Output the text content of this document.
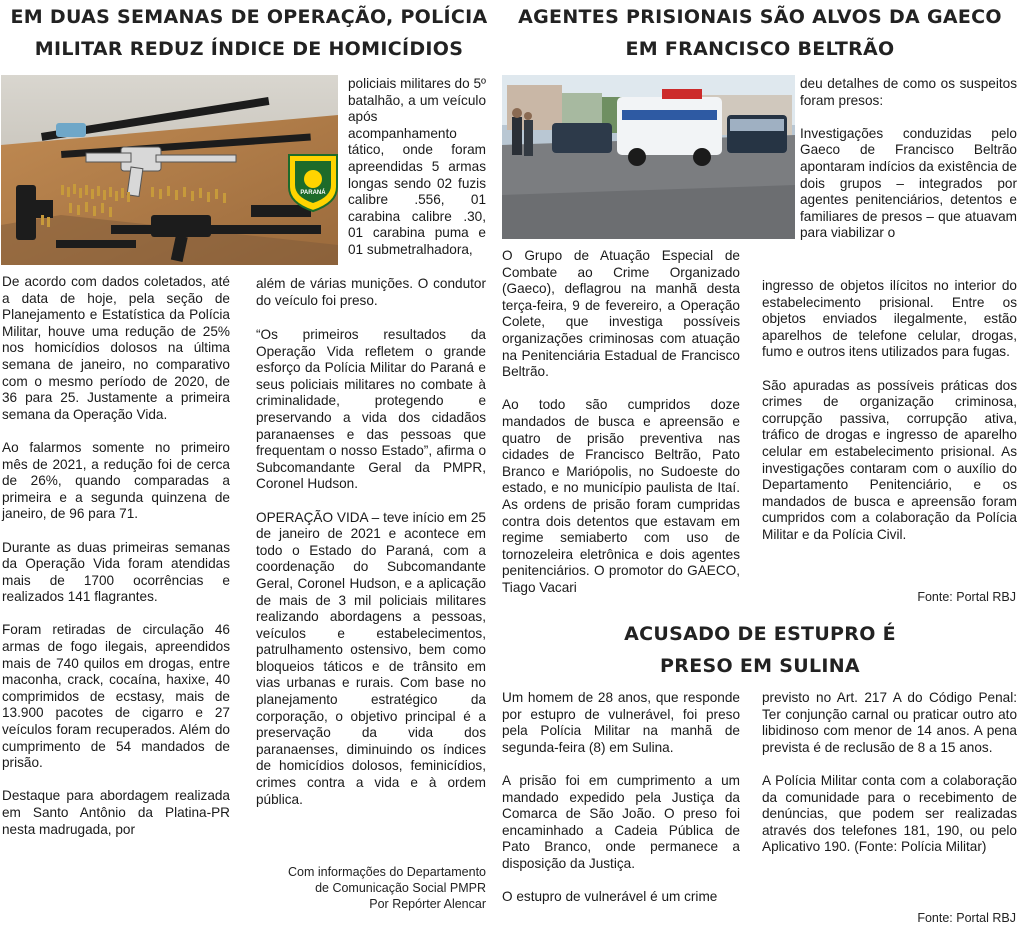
EM DUAS SEMANAS DE OPERAÇÃO, POLÍCIA
MILITAR REDUZ ÍNDICE DE HOMICÍDIOS
PARANÁ

policiais militares do 5º batalhão, a um veículo após acompanhamento tático, onde foram apreendidas 5 armas longas sendo 02 fuzis calibre .556, 01 carabina calibre .30, 01 carabina puma e 01 submetralhadora,

além de várias munições. O condutor do veículo foi preso.

De acordo com dados coletados, até a data de hoje, pela seção de Planejamento e Estatística da Polícia Militar, houve uma redução de 25% nos homicídios dolosos na última semana de janeiro, no comparativo com o mesmo período de 2020, de 36 para 25. Justamente a primeira semana da Operação Vida.

Ao falarmos somente no primeiro mês de 2021, a redução foi de cerca de 26%, quando comparadas a primeira e a segunda quinzena de janeiro, de 96 para 71.

Durante as duas primeiras semanas da Operação Vida foram atendidas mais de 1700 ocorrências e realizados 141 flagrantes.

Foram retiradas de circulação 46 armas de fogo ilegais, apreendidos mais de 740 quilos em drogas, entre maconha, crack, cocaína, haxixe, 40 comprimidos de ecstasy, mais de 13.900 pacotes de cigarro e 27 veículos foram recuperados. Além do cumprimento de 54 mandados de prisão.

Destaque para abordagem realizada em Santo Antônio da Platina-PR nesta madrugada, por

“Os primeiros resultados da Operação Vida refletem o grande esforço da Polícia Militar do Paraná e seus policiais militares no combate à criminalidade, protegendo e preservando a vida dos cidadãos paranaenses e das pessoas que frequentam o nosso Estado”, afirma o Subcomandante Geral da PMPR, Coronel Hudson.

OPERAÇÃO VIDA – teve início em 25 de janeiro de 2021 e acontece em todo o Estado do Paraná, com a coordenação do Subcomandante Geral, Coronel Hudson, e a aplicação de mais de 3 mil policiais militares realizando abordagens a pessoas, veículos e estabelecimentos, patrulhamento ostensivo, bem como bloqueios táticos e de trânsito em vias urbanas e rurais. Com base no planejamento estratégico da corporação, o objetivo principal é a preservação da vida dos paranaenses, diminuindo os índices de homicídios dolosos, feminicídios, crimes contra a vida e à ordem pública.

Com informações do Departamento
de Comunicação Social PMPR
Por Repórter Alencar
AGENTES PRISIONAIS SÃO ALVOS DA GAECO
EM FRANCISCO BELTRÃO

deu detalhes de como os suspeitos foram presos:

Investigações conduzidas pelo Gaeco de Francisco Beltrão apontaram indícios da existência de dois grupos – integrados por agentes penitenciários, detentos e familiares de presos – que atuavam para viabilizar o

ingresso de objetos ilícitos no interior do estabelecimento prisional. Entre os objetos enviados ilegalmente, estão aparelhos de telefone celular, drogas, fumo e outros itens utilizados para fugas.

São apuradas as possíveis práticas dos crimes de organização criminosa, corrupção passiva, corrupção ativa, tráfico de drogas e ingresso de aparelho celular em estabelecimento prisional. As investigações contaram com o auxílio do Departamento Penitenciário, e os mandados de busca e apreensão foram cumpridos com a colaboração da Polícia Militar e da Polícia Civil.

O Grupo de Atuação Especial de Combate ao Crime Organizado (Gaeco), deflagrou na manhã desta terça-feira, 9 de fevereiro, a Operação Colete, que investiga possíveis organizações criminosas com atuação na Penitenciária Estadual de Francisco Beltrão.

Ao todo são cumpridos doze mandados de busca e apreensão e quatro de prisão preventiva nas cidades de Francisco Beltrão, Pato Branco e Mariópolis, no Sudoeste do estado, e no município paulista de Itaí. As ordens de prisão foram cumpridas contra dois detentos que estavam em regime semiaberto com uso de tornozeleira eletrônica e dois agentes penitenciários. O promotor do GAECO, Tiago Vacari

Fonte: Portal RBJ
ACUSADO DE ESTUPRO É
PRESO EM SULINA

Um homem de 28 anos, que responde por estupro de vulnerável, foi preso pela Polícia Militar na manhã de segunda-feira (8) em Sulina.

A prisão foi em cumprimento a um mandado expedido pela Justiça da Comarca de São João. O preso foi encaminhado a Cadeia Pública de Pato Branco, onde permanece a disposição da Justiça.

O estupro de vulnerável é um crime

previsto no Art. 217 A do Código Penal: Ter conjunção carnal ou praticar outro ato libidinoso com menor de 14 anos. A pena prevista é de reclusão de 8 a 15 anos.

A Polícia Militar conta com a colaboração da comunidade para o recebimento de denúncias, que podem ser realizadas através dos telefones 181, 190, ou pelo Aplicativo 190. (Fonte: Polícia Militar)

Fonte: Portal RBJ
